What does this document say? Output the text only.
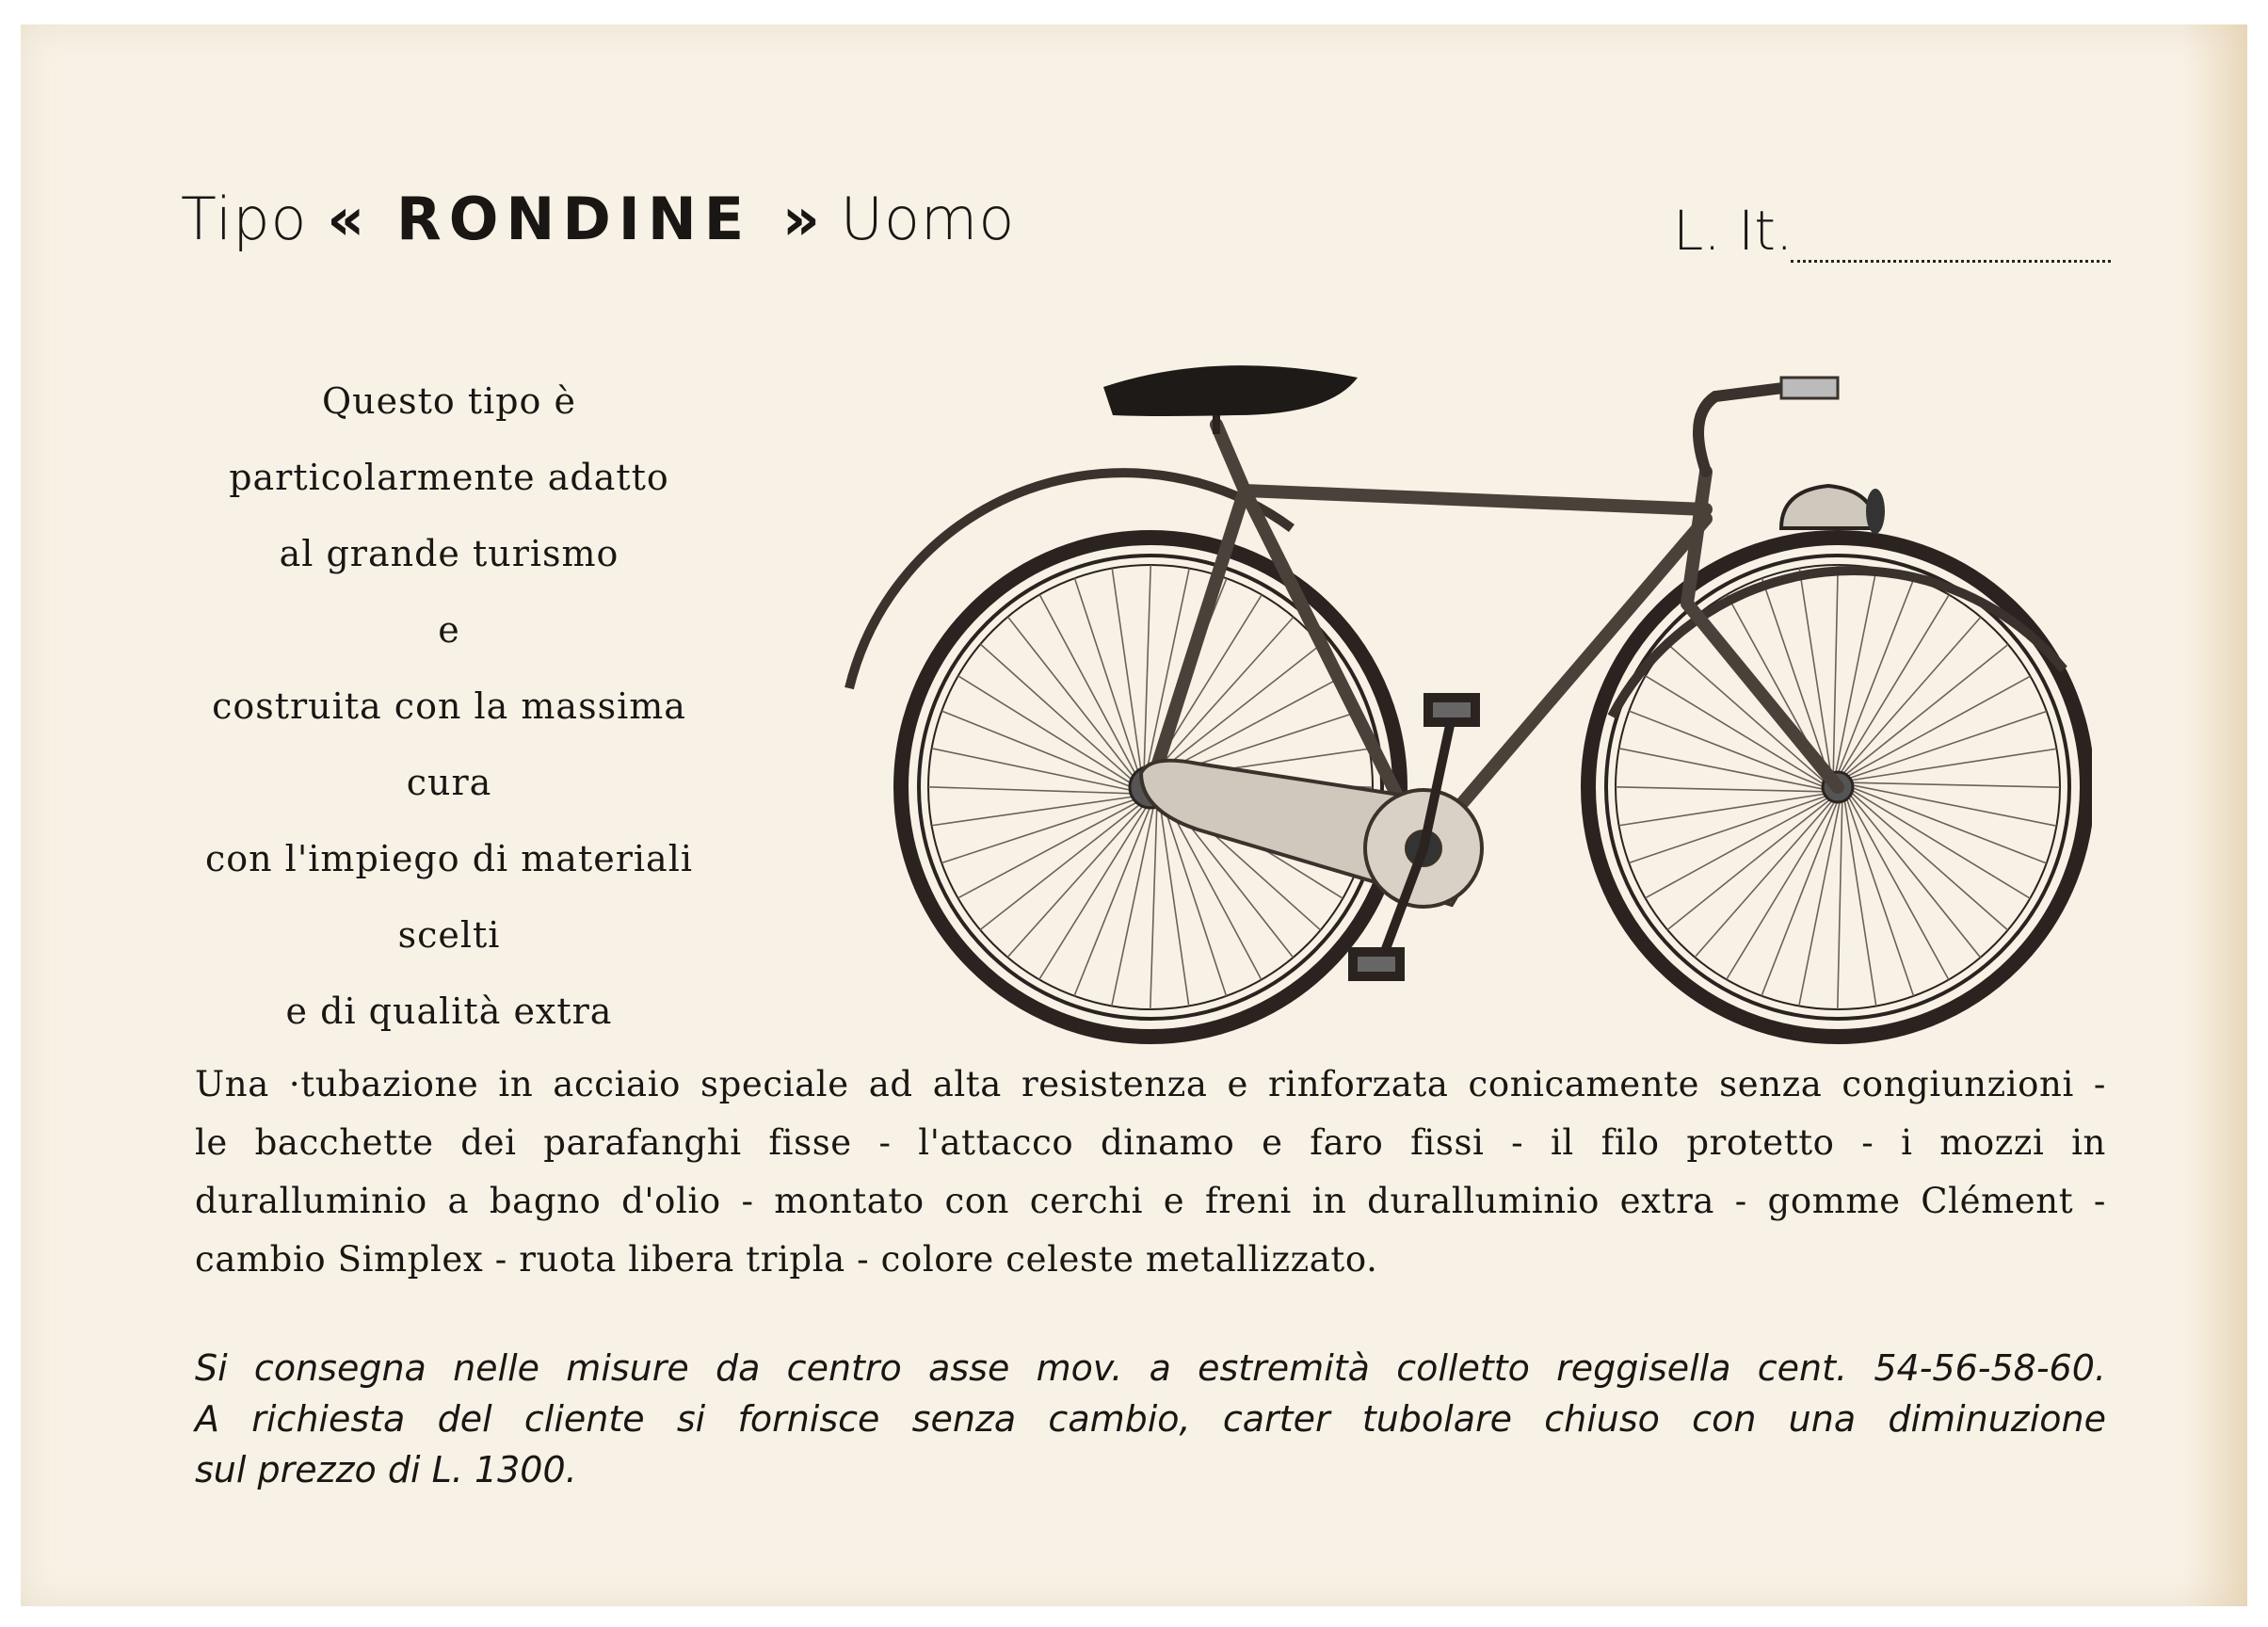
Tipo « RONDINE » Uomo	L. It.
Questo tipo è
particolarmente adatto
al grande turismo
e
costruita con la massima
cura
con l'impiego di materiali
scelti
e di qualità extra
Una ·tubazione in acciaio speciale ad alta resistenza e rinforzata conicamente senza congiunzioni -
le bacchette dei parafanghi fisse - l'attacco dinamo e faro fissi - il filo protetto - i mozzi in
duralluminio a bagno d'olio - montato con cerchi e freni in duralluminio extra - gomme Clément -
cambio Simplex - ruota libera tripla - colore celeste metallizzato.
Si consegna nelle misure da centro asse mov. a estremità colletto reggisella cent. 54-56-58-60.
A richiesta del cliente si fornisce senza cambio, carter tubolare chiuso con una diminuzione
sul prezzo di L. 1300.
